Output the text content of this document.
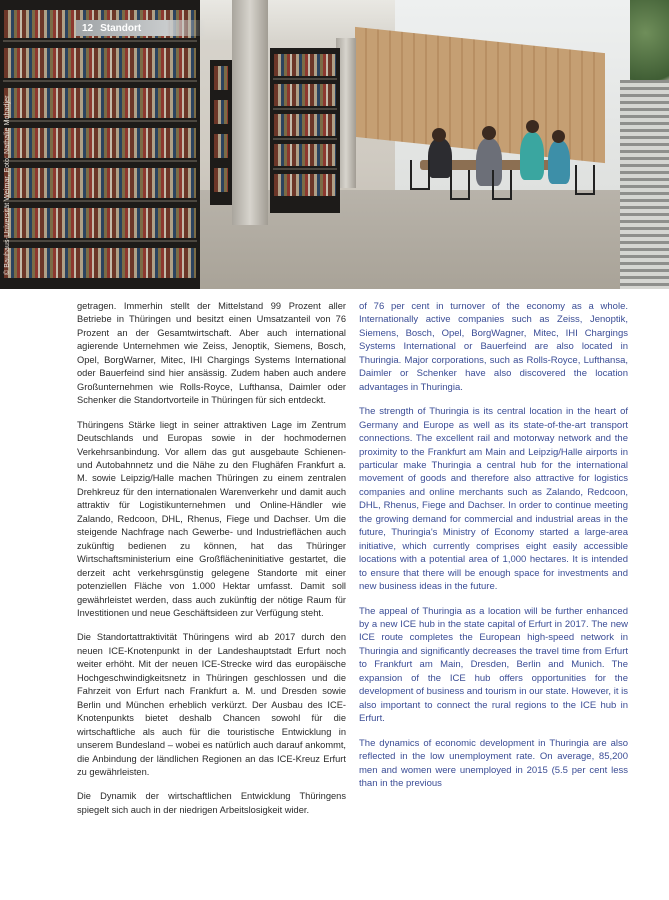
12 Standort
© Bauhaus-Universität Weimar, Foto: Nathalie Mohadjer

getragen. Immerhin stellt der Mittelstand 99 Prozent aller Betriebe in Thüringen und besitzt einen Umsatzanteil von 76 Prozent an der Gesamtwirtschaft. Aber auch international agierende Unternehmen wie Zeiss, Jenoptik, Siemens, Bosch, Opel, BorgWarner, Mitec, IHI Chargings Systems International oder Bauerfeind sind hier ansässig. Zudem haben auch andere Großunternehmen wie Rolls-Royce, Lufthansa, Daimler oder Schenker die Standortvorteile in Thüringen für sich entdeckt.

Thüringens Stärke liegt in seiner attraktiven Lage im Zentrum Deutschlands und Europas sowie in der hochmodernen Verkehrsanbindung. Vor allem das gut ausgebaute Schienen- und Autobahnnetz und die Nähe zu den Flughäfen Frankfurt a. M. sowie Leipzig/Halle machen Thüringen zu einem zentralen Drehkreuz für den internationalen Warenverkehr und damit auch attraktiv für Logistikunternehmen und Online-Händler wie Zalando, Redcoon, DHL, Rhenus, Fiege und Dachser. Um die steigende Nachfrage nach Gewerbe- und Industrieflächen auch zukünftig bedienen zu können, hat das Thüringer Wirtschaftsministerium eine Großflächeninitiative gestartet, die derzeit acht verkehrsgünstig gelegene Standorte mit einer potenziellen Fläche von 1.000 Hektar umfasst. Damit soll gewährleistet werden, dass auch zukünftig der nötige Raum für Investitionen und neue Geschäftsideen zur Verfügung steht.

Die Standortattraktivität Thüringens wird ab 2017 durch den neuen ICE-Knotenpunkt in der Landeshauptstadt Erfurt noch weiter erhöht. Mit der neuen ICE-Strecke wird das europäische Hochgeschwindigkeitsnetz in Thüringen geschlossen und die Fahrzeit von Erfurt nach Frankfurt a. M. und Dresden sowie Berlin und München erheblich verkürzt. Der Ausbau des ICE-Knotenpunkts bietet deshalb Chancen sowohl für die wirtschaftliche als auch für die touristische Entwicklung in unserem Bundesland – wobei es natürlich auch darauf ankommt, die Anbindung der ländlichen Regionen an das ICE-Kreuz Erfurt zu gewährleisten.

Die Dynamik der wirtschaftlichen Entwicklung Thüringens spiegelt sich auch in der niedrigen Arbeitslosigkeit wider.

of 76 per cent in turnover of the economy as a whole. Internationally active companies such as Zeiss, Jenoptik, Siemens, Bosch, Opel, BorgWagner, Mitec, IHI Chargings Systems International or Bauerfeind are also located in Thuringia. Major corporations, such as Rolls-Royce, Lufthansa, Daimler or Schenker have also discovered the location advantages in Thuringia.

The strength of Thuringia is its central location in the heart of Germany and Europe as well as its state-of-the-art transport connections. The excellent rail and motorway network and the proximity to the Frankfurt am Main and Leipzig/Halle airports in particular make Thuringia a central hub for the international movement of goods and therefore also attractive for logistics companies and online merchants such as Zalando, Redcoon, DHL, Rhenus, Fiege and Dachser. In order to continue meeting the growing demand for commercial and industrial areas in the future, Thuringia's Ministry of Economy started a large-area initiative, which currently comprises eight easily accessible locations with a potential area of 1,000 hectares. It is intended to ensure that there will be enough space for investments and new business ideas in the future.

The appeal of Thuringia as a location will be further enhanced by a new ICE hub in the state capital of Erfurt in 2017. The new ICE route completes the European high-speed network in Thuringia and significantly decreases the travel time from Erfurt to Frankfurt am Main, Dresden, Berlin and Munich. The expansion of the ICE hub offers opportunities for the development of business and tourism in our state. However, it is also important to connect the rural regions to the ICE hub in Erfurt.

The dynamics of economic development in Thuringia are also reflected in the low unemployment rate. On average, 85,200 men and women were unemployed in 2015 (5.5 per cent less than in the previous
